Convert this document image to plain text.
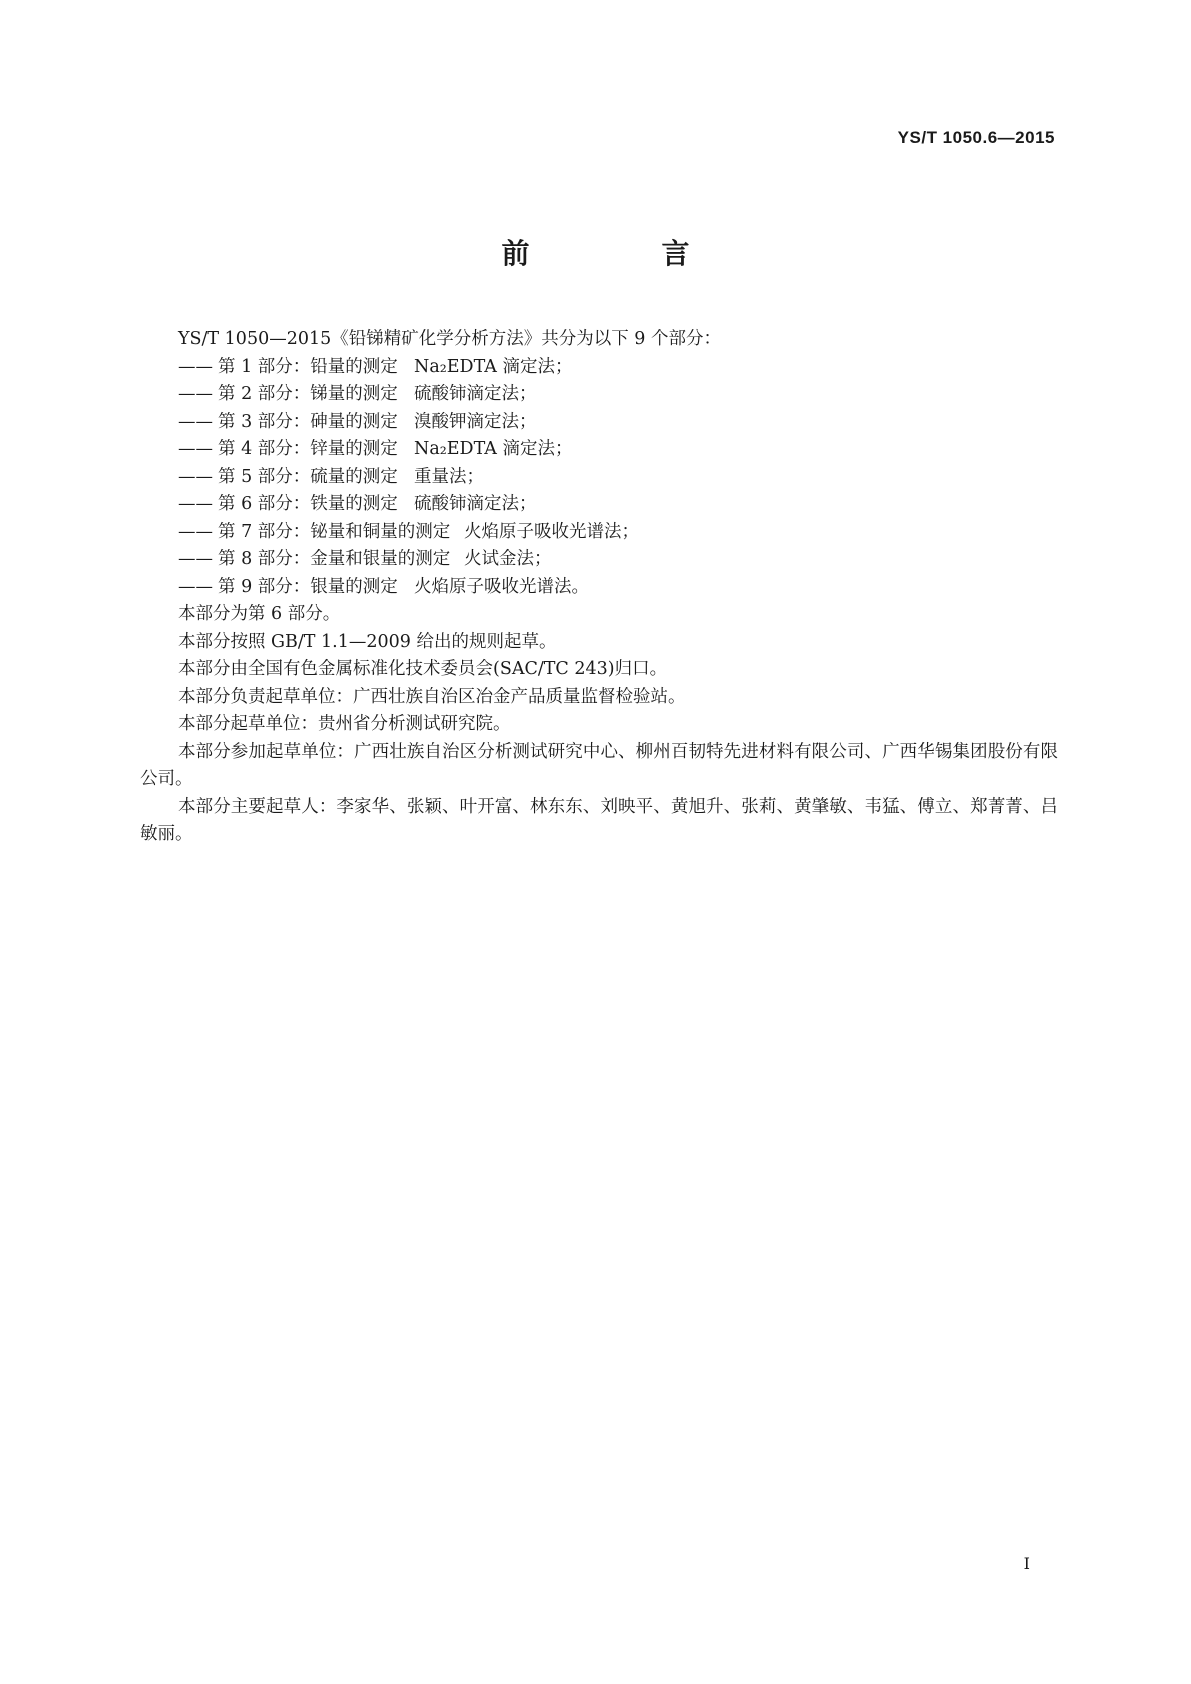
YS/T 1050.6—2015
前　言
YS/T 1050—2015《铅锑精矿化学分析方法》共分为以下 9 个部分：
—— 第 1 部分：铅量的测定 Na₂EDTA 滴定法；
—— 第 2 部分：锑量的测定 硫酸铈滴定法；
—— 第 3 部分：砷量的测定 溴酸钾滴定法；
—— 第 4 部分：锌量的测定 Na₂EDTA 滴定法；
—— 第 5 部分：硫量的测定 重量法；
—— 第 6 部分：铁量的测定 硫酸铈滴定法；
—— 第 7 部分：铋量和铜量的测定 火焰原子吸收光谱法；
—— 第 8 部分：金量和银量的测定 火试金法；
—— 第 9 部分：银量的测定 火焰原子吸收光谱法。
本部分为第 6 部分。
本部分按照 GB/T 1.1—2009 给出的规则起草。
本部分由全国有色金属标准化技术委员会(SAC/TC 243)归口。
本部分负责起草单位：广西壮族自治区冶金产品质量监督检验站。
本部分起草单位：贵州省分析测试研究院。
本部分参加起草单位：广西壮族自治区分析测试研究中心、柳州百韧特先进材料有限公司、广西华锡集团股份有限公司。
本部分主要起草人：李家华、张颖、叶开富、林东东、刘映平、黄旭升、张莉、黄肇敏、韦猛、傅立、郑菁菁、吕敏丽。
I
